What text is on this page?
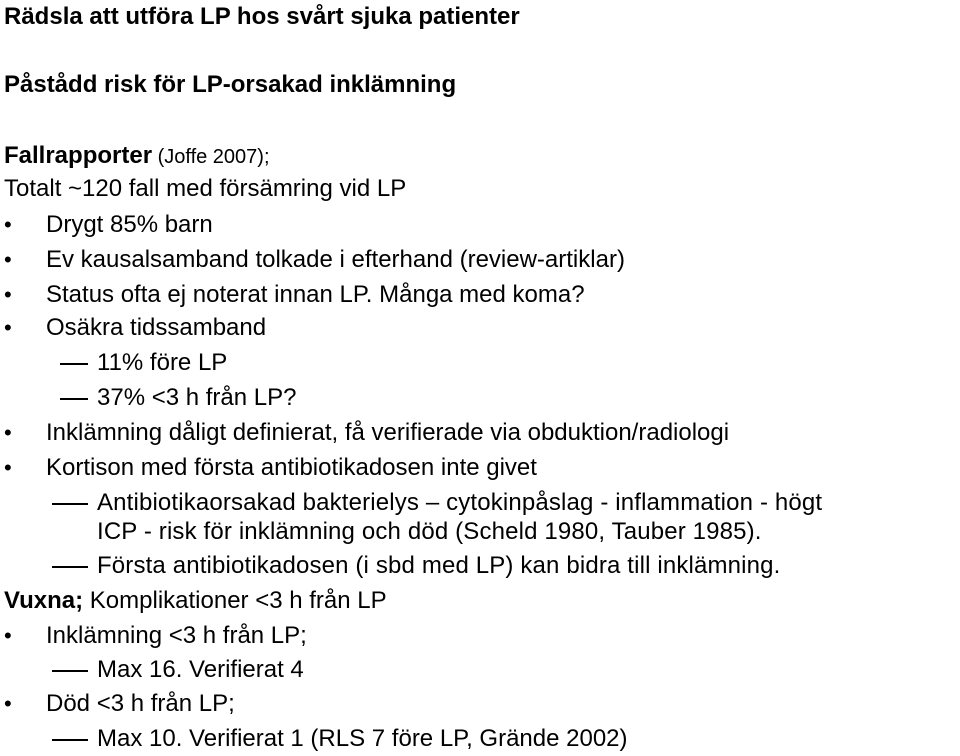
Rädsla att utföra LP hos svårt sjuka patienter
Påstådd risk för LP-orsakad inklämning
Fallrapporter (Joffe 2007);
Totalt ~120 fall med försämring vid LP
• Drygt 85% barn
• Ev kausalsamband tolkade i efterhand (review-artiklar)
• Status ofta ej noterat innan LP. Många med koma?
• Osäkra tidssamband
11% före LP
37% <3 h från LP?
• Inklämning dåligt definierat, få verifierade via obduktion/radiologi
• Kortison med första antibiotikadosen inte givet
Antibiotikaorsakad bakterielys – cytokinpåslag - inflammation - högt
ICP - risk för inklämning och död (Scheld 1980, Tauber 1985).
Första antibiotikadosen (i sbd med LP) kan bidra till inklämning.
Vuxna; Komplikationer <3 h från LP
• Inklämning <3 h från LP;
Max 16. Verifierat 4
• Död <3 h från LP;
Max 10. Verifierat 1 (RLS 7 före LP, Grände 2002)
